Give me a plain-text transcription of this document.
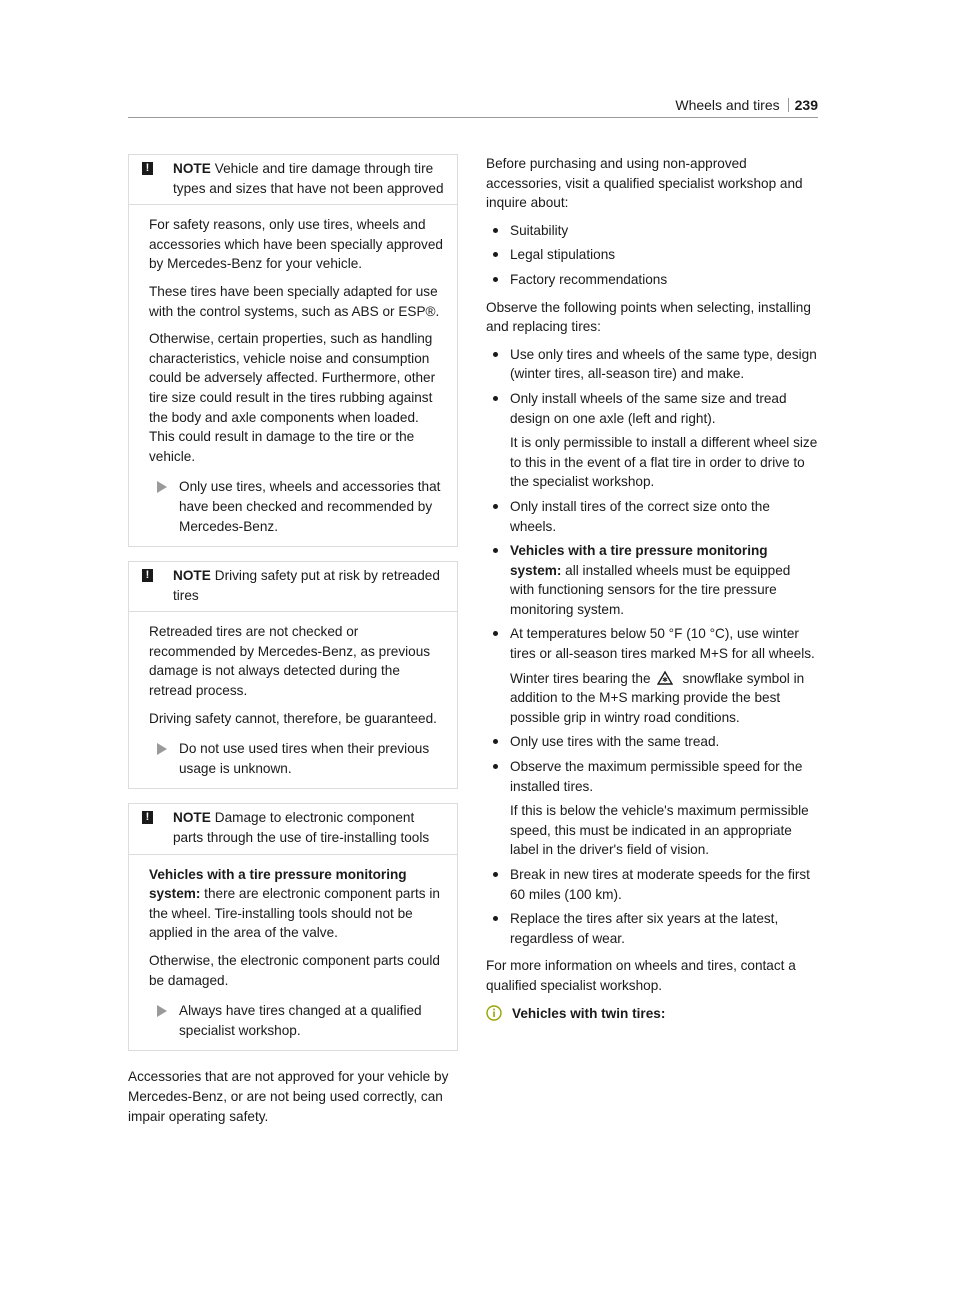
Wheels and tires 239
! NOTE Vehicle and tire damage through tire types and sizes that have not been approved

For safety reasons, only use tires, wheels and accessories which have been specially approved by Mercedes-Benz for your vehicle.

These tires have been specially adapted for use with the control systems, such as ABS or ESP®.

Otherwise, certain properties, such as handling characteristics, vehicle noise and consumption could be adversely affected. Furthermore, other tire size could result in the tires rubbing against the body and axle components when loaded. This could result in damage to the tire or the vehicle.

Only use tires, wheels and accessories that have been checked and recommended by Mercedes-Benz.
! NOTE Driving safety put at risk by retreaded tires

Retreaded tires are not checked or recommended by Mercedes-Benz, as previous damage is not always detected during the retread process.

Driving safety cannot, therefore, be guaranteed.

Do not use used tires when their previous usage is unknown.
! NOTE Damage to electronic component parts through the use of tire-installing tools

Vehicles with a tire pressure monitoring system: there are electronic component parts in the wheel. Tire-installing tools should not be applied in the area of the valve.

Otherwise, the electronic component parts could be damaged.

Always have tires changed at a qualified specialist workshop.

Accessories that are not approved for your vehicle by Mercedes-Benz, or are not being used correctly, can impair operating safety.

Before purchasing and using non-approved accessories, visit a qualified specialist workshop and inquire about:

Suitability
Legal stipulations
Factory recommendations

Observe the following points when selecting, installing and replacing tires:

Use only tires and wheels of the same type, design (winter tires, all-season tire) and make.
Only install wheels of the same size and tread design on one axle (left and right).
It is only permissible to install a different wheel size to this in the event of a flat tire in order to drive to the specialist workshop.
Only install tires of the correct size onto the wheels.
Vehicles with a tire pressure monitoring system: all installed wheels must be equipped with functioning sensors for the tire pressure monitoring system.
At temperatures below 50 °F (10 °C), use winter tires or all-season tires marked M+S for all wheels.
Winter tires bearing the snowflake symbol in addition to the M+S marking provide the best possible grip in wintry road conditions.
Only use tires with the same tread.
Observe the maximum permissible speed for the installed tires.
If this is below the vehicle's maximum permissible speed, this must be indicated in an appropriate label in the driver's field of vision.
Break in new tires at moderate speeds for the first 60 miles (100 km).
Replace the tires after six years at the latest, regardless of wear.

For more information on wheels and tires, contact a qualified specialist workshop.

Vehicles with twin tires:
